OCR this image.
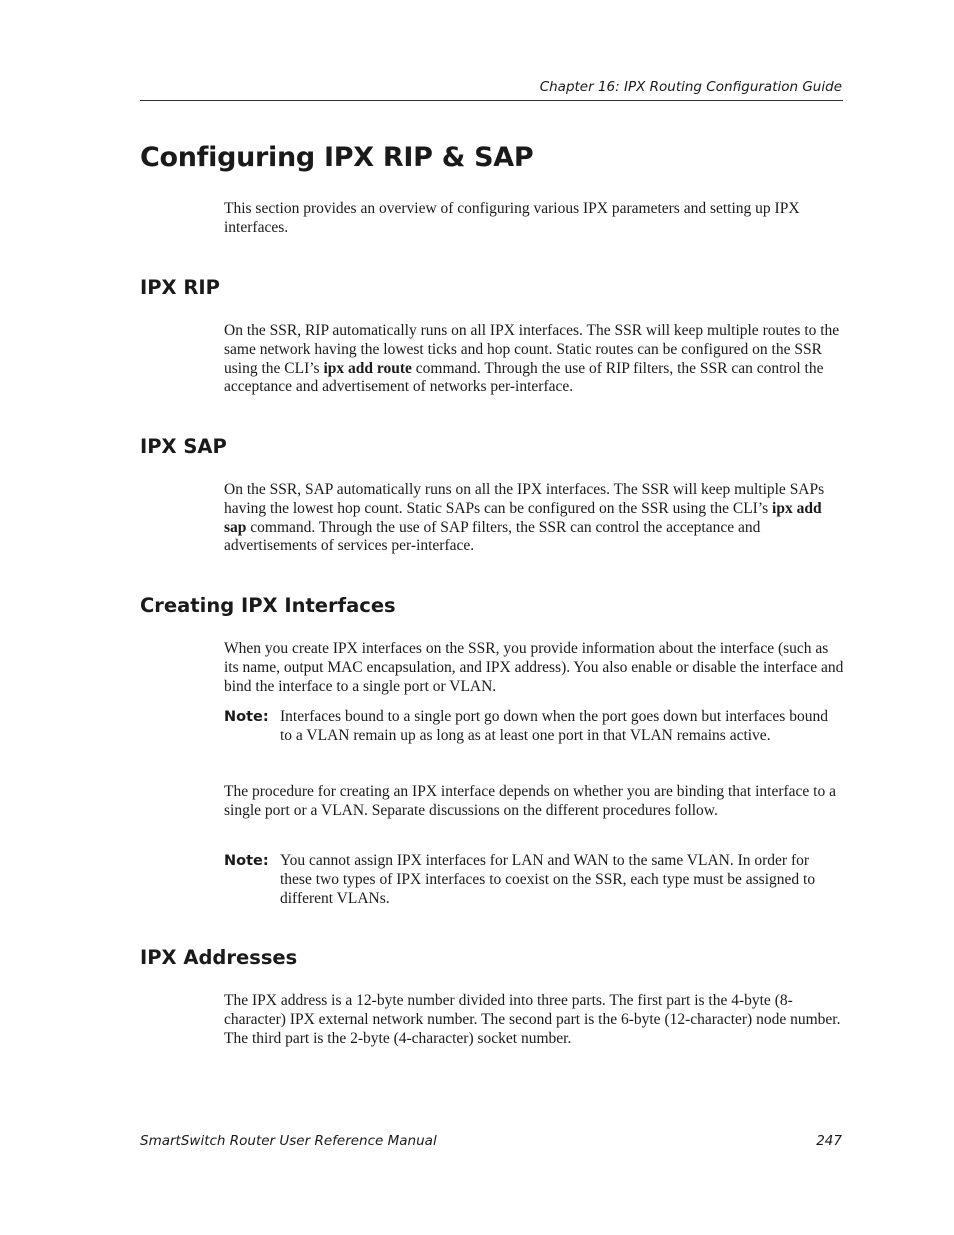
Chapter 16: IPX Routing Configuration Guide
Configuring IPX RIP & SAP

This section provides an overview of configuring various IPX parameters and setting up IPX interfaces.

IPX RIP

On the SSR, RIP automatically runs on all IPX interfaces. The SSR will keep multiple routes to the same network having the lowest ticks and hop count. Static routes can be configured on the SSR using the CLI’s ipx add route command. Through the use of RIP filters, the SSR can control the acceptance and advertisement of networks per-interface.

IPX SAP

On the SSR, SAP automatically runs on all the IPX interfaces. The SSR will keep multiple SAPs having the lowest hop count. Static SAPs can be configured on the SSR using the CLI’s ipx add sap command. Through the use of SAP filters, the SSR can control the acceptance and advertisements of services per-interface.

Creating IPX Interfaces

When you create IPX interfaces on the SSR, you provide information about the interface (such as its name, output MAC encapsulation, and IPX address). You also enable or disable the interface and bind the interface to a single port or VLAN.

Note: Interfaces bound to a single port go down when the port goes down but interfaces bound to a VLAN remain up as long as at least one port in that VLAN remains active.

The procedure for creating an IPX interface depends on whether you are binding that interface to a single port or a VLAN. Separate discussions on the different procedures follow.

Note: You cannot assign IPX interfaces for LAN and WAN to the same VLAN. In order for these two types of IPX interfaces to coexist on the SSR, each type must be assigned to different VLANs.

IPX Addresses

The IPX address is a 12-byte number divided into three parts. The first part is the 4-byte (8-character) IPX external network number. The second part is the 6-byte (12-character) node number. The third part is the 2-byte (4-character) socket number.

SmartSwitch Router User Reference Manual	247
